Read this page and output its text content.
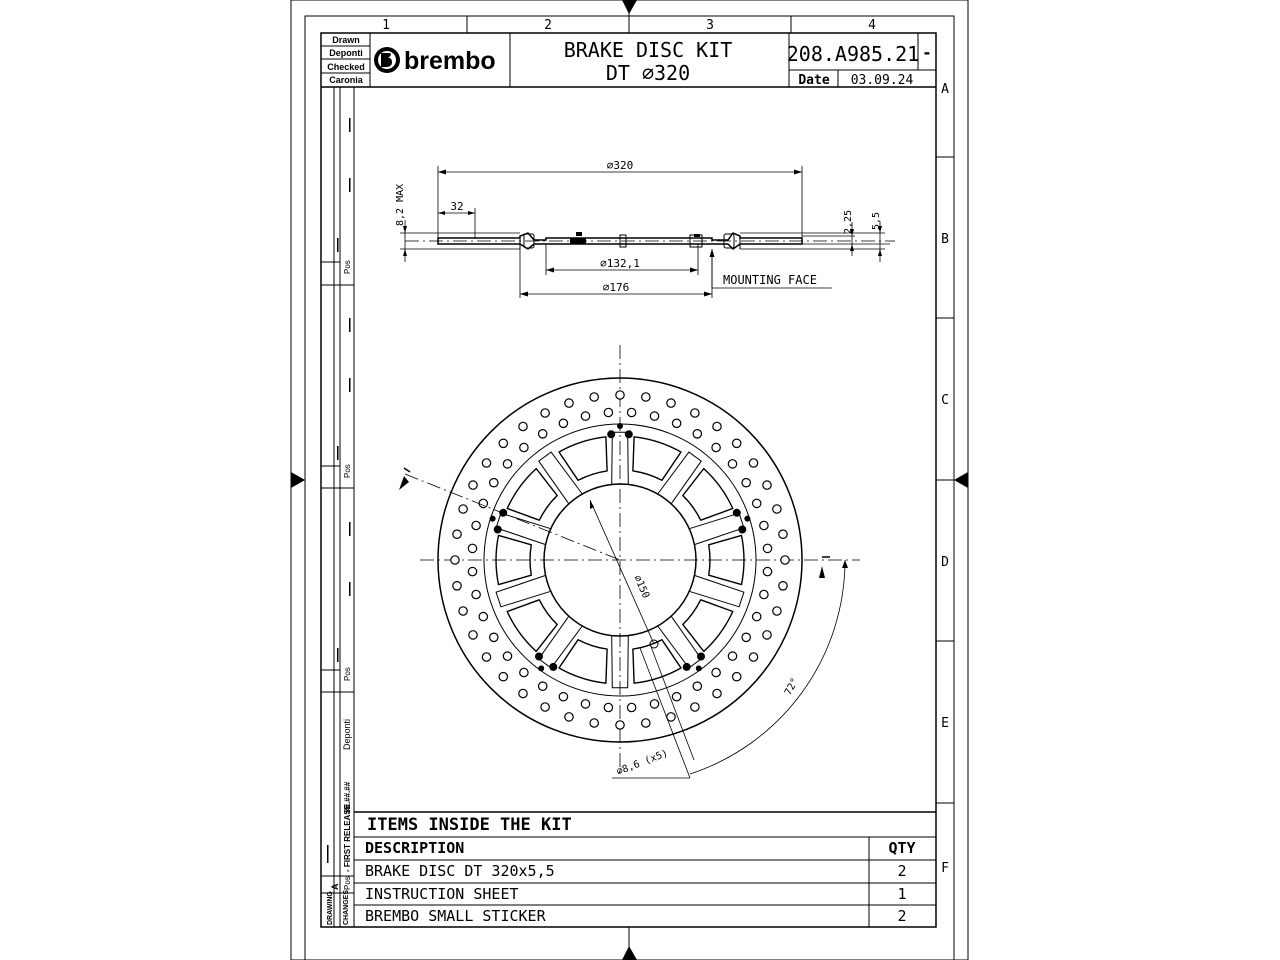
1	2	3	4
A
B
C
D
E
F
Drawn
Deponti
Checked
Caronia
brembo	BRAKE DISC KIT
DT ⌀320
208.A985.21 -
Date 03.09.24
Pos
Pos
Pos
Deponti
- FIRST RELEASE
##.##.##
A Pos
DRAWING CHANGES
⌀320
32
8,2 MAX
⌀132,1
⌀176
MOUNTING FACE
2,25 5,5
⌀150
⌀8,6 (x5)
72°
ITEMS INSIDE THE KIT
DESCRIPTION	QTY
BRAKE DISC DT 320x5,5	2
INSTRUCTION SHEET	1
BREMBO SMALL STICKER	2
